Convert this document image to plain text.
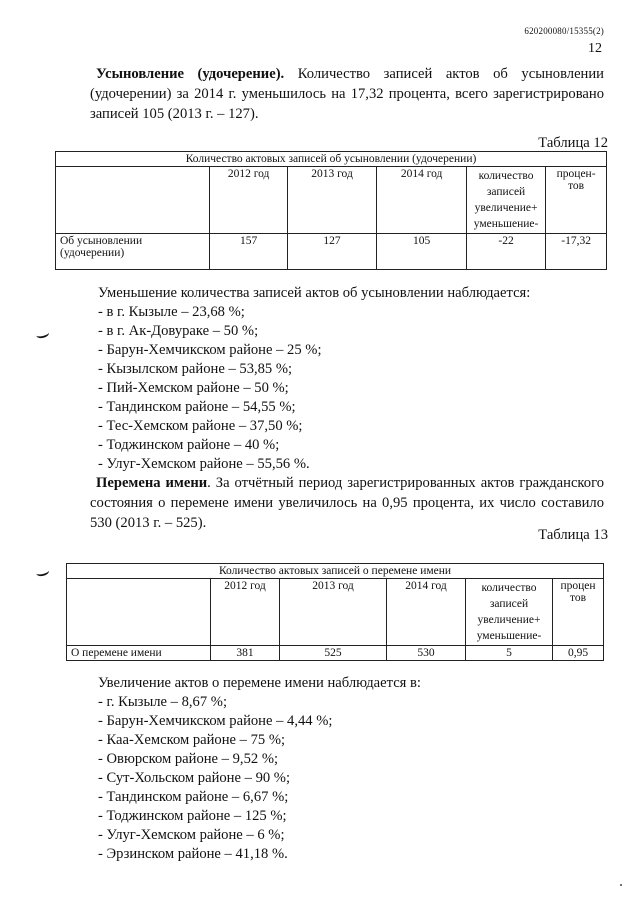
620200080/15355(2)
12
Усыновление (удочерение). Количество записей актов об усыновлении (удочерении) за 2014 г. уменьшилось на 17,32 процента, всего зарегистрировано записей 105 (2013 г. – 127).
Таблица 12
Количество актовых записей об усыновлении (удочерении)					
	2012 год	2013 год	2014 год	количество записей увеличение+ уменьшение-	процен-тов
Об усыновлении (удочерении)	157	127	105	-22	-17,32
Уменьшение количества записей актов об усыновлении наблюдается:
- в г. Кызыле – 23,68 %;
- в г. Ак-Довураке – 50 %;
- Барун-Хемчикском районе – 25 %;
- Кызылском районе – 53,85 %;
- Пий-Хемском районе – 50 %;
- Тандинском районе – 54,55 %;
- Тес-Хемском районе – 37,50 %;
- Тоджинском районе – 40 %;
- Улуг-Хемском районе – 55,56 %.
Перемена имени. За отчётный период зарегистрированных актов гражданского состояния о перемене имени увеличилось на 0,95 процента, их число составило 530 (2013 г. – 525).
Таблица 13
Количество актовых записей о перемене имени					
	2012 год	2013 год	2014 год	количество записей увеличение+ уменьшение-	процен тов
О перемене имени	381	525	530	5	0,95
Увеличение актов о перемене имени наблюдается в:
- г. Кызыле – 8,67 %;
- Барун-Хемчикском районе – 4,44 %;
- Каа-Хемском районе – 75 %;
- Овюрском районе – 9,52 %;
- Сут-Хольском районе – 90 %;
- Тандинском районе – 6,67 %;
- Тоджинском районе – 125 %;
- Улуг-Хемском районе – 6 %;
- Эрзинском районе – 41,18 %.
